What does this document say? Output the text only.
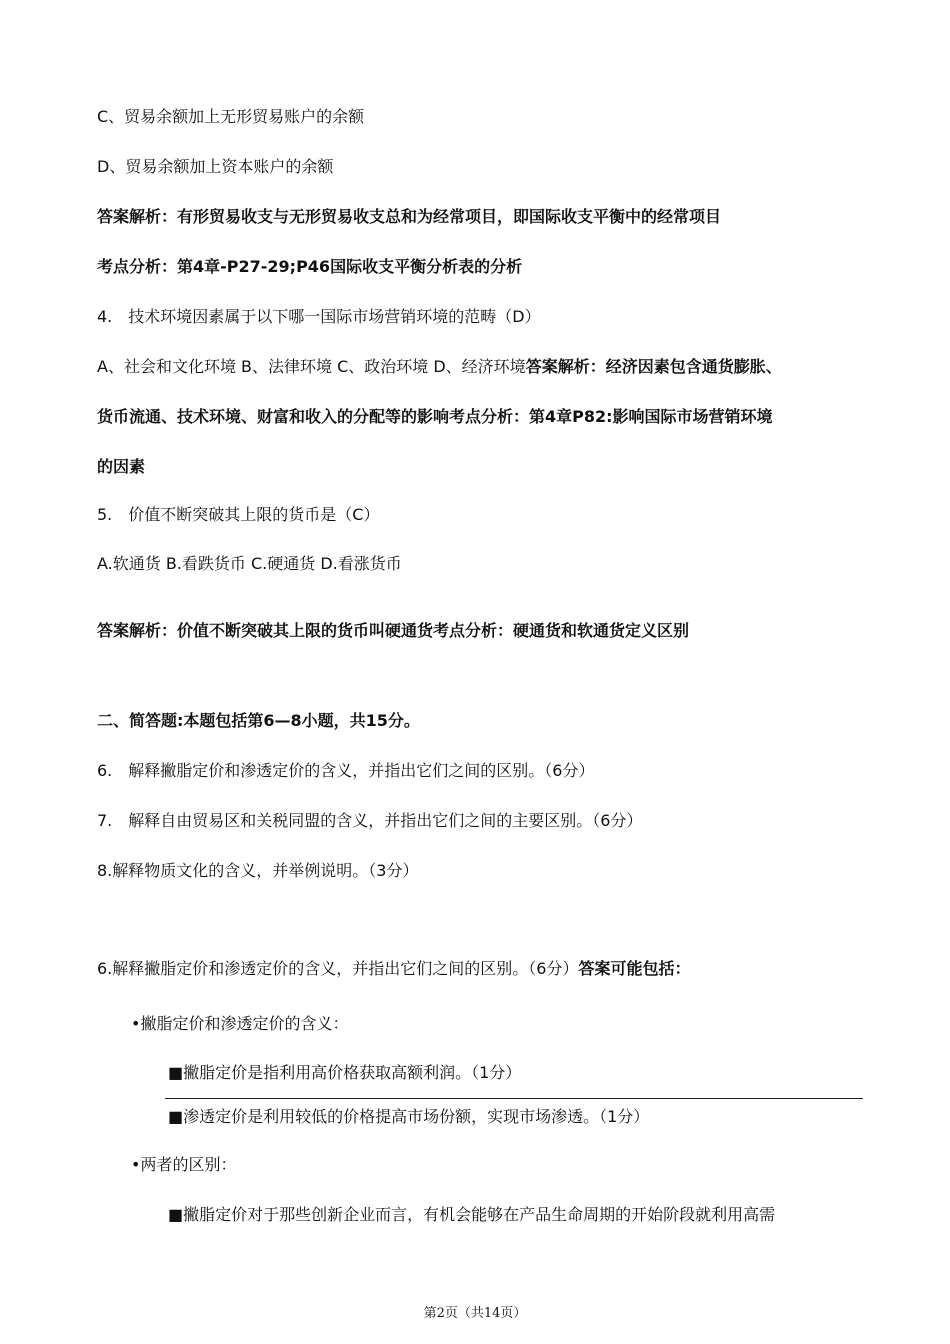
C、贸易余额加上无形贸易账户的余额
D、贸易余额加上资本账户的余额
答案解析：有形贸易收支与无形贸易收支总和为经常项目，即国际收支平衡中的经常项目
考点分析：第4章-P27-29;P46国际收支平衡分析表的分析
4.　技术环境因素属于以下哪一国际市场营销环境的范畴（D）
A、社会和文化环境 B、法律环境 C、政治环境 D、经济环境答案解析：经济因素包含通货膨胀、
货币流通、技术环境、财富和收入的分配等的影响考点分析：第4章P82:影响国际市场营销环境
的因素
5.　价值不断突破其上限的货币是（C）
A.软通货 B.看跌货币 C.硬通货 D.看涨货币
答案解析：价值不断突破其上限的货币叫硬通货考点分析：硬通货和软通货定义区别
二、简答题:本题包括第6—8小题，共15分。
6.　解释撇脂定价和渗透定价的含义，并指出它们之间的区别。（6分）
7.　解释自由贸易区和关税同盟的含义，并指出它们之间的主要区别。（6分）
8.解释物质文化的含义，并举例说明。（3分）
6.解释撇脂定价和渗透定价的含义，并指出它们之间的区别。（6分）答案可能包括：
•撇脂定价和渗透定价的含义：
■撇脂定价是指利用高价格获取高额利润。（1分）
■渗透定价是利用较低的价格提高市场份额，实现市场渗透。（1分）
•两者的区别：
■撇脂定价对于那些创新企业而言，有机会能够在产品生命周期的开始阶段就利用高需
第2页（共14页）
